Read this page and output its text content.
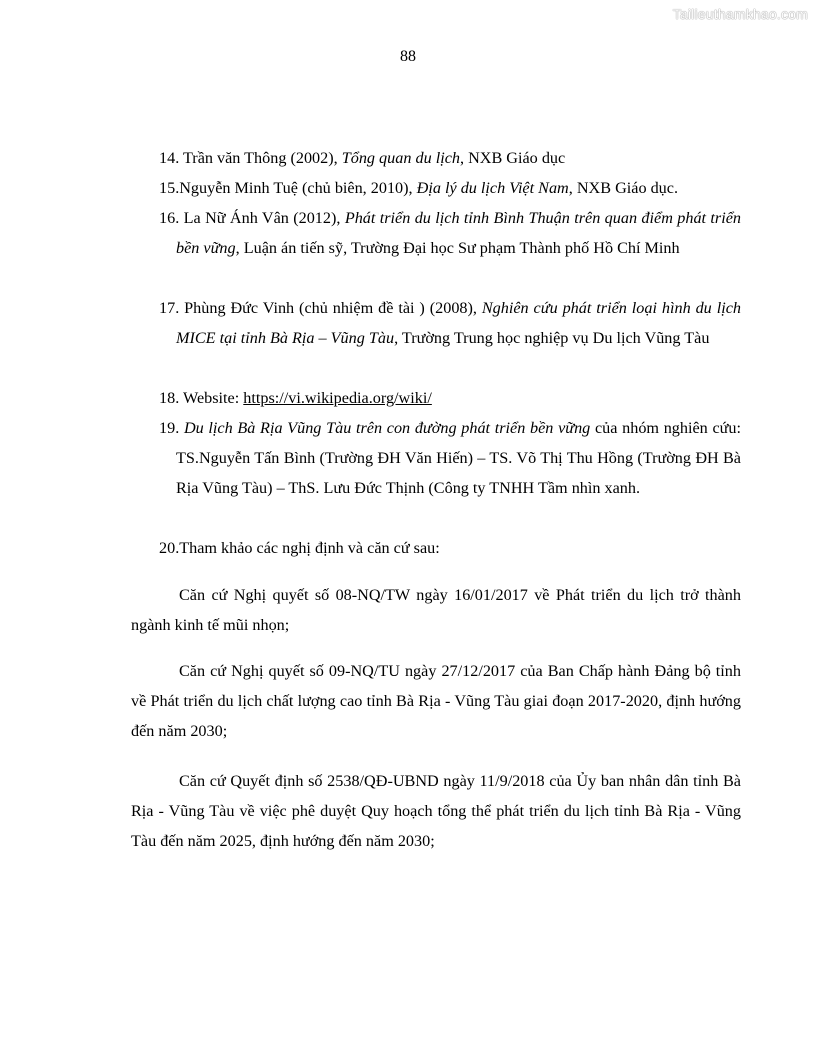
Tailieuthamkhao.com
88
14. Trần văn Thông (2002), Tổng quan du lịch, NXB Giáo dục
15.Nguyễn Minh Tuệ (chủ biên, 2010), Địa lý du lịch Việt Nam, NXB Giáo dục.
16. La Nữ Ánh Vân (2012), Phát triển du lịch tỉnh Bình Thuận trên quan điểm phát triển bền vững, Luận án tiến sỹ, Trường Đại học Sư phạm Thành phố Hồ Chí Minh
17. Phùng Đức Vinh (chủ nhiệm đề tài ) (2008), Nghiên cứu phát triển loại hình du lịch MICE tại tỉnh Bà Rịa – Vũng Tàu, Trường Trung học nghiệp vụ Du lịch Vũng Tàu
18. Website: https://vi.wikipedia.org/wiki/
19. Du lịch Bà Rịa Vũng Tàu trên con đường phát triển bền vững của nhóm nghiên cứu: TS.Nguyễn Tấn Bình (Trường ĐH Văn Hiến) – TS. Võ Thị Thu Hồng (Trường ĐH Bà Rịa Vũng Tàu) – ThS. Lưu Đức Thịnh (Công ty TNHH Tầm nhìn xanh.
20.Tham khảo các nghị định và căn cứ sau:
Căn cứ Nghị quyết số 08-NQ/TW ngày 16/01/2017 về Phát triển du lịch trở thành ngành kinh tế mũi nhọn;
Căn cứ Nghị quyết số 09-NQ/TU ngày 27/12/2017 của Ban Chấp hành Đảng bộ tỉnh về Phát triển du lịch chất lượng cao tỉnh Bà Rịa - Vũng Tàu giai đoạn 2017-2020, định hướng đến năm 2030;
Căn cứ Quyết định số 2538/QĐ-UBND ngày 11/9/2018 của Ủy ban nhân dân tỉnh Bà Rịa - Vũng Tàu về việc phê duyệt Quy hoạch tổng thể phát triển du lịch tỉnh Bà Rịa - Vũng Tàu đến năm 2025, định hướng đến năm 2030;
